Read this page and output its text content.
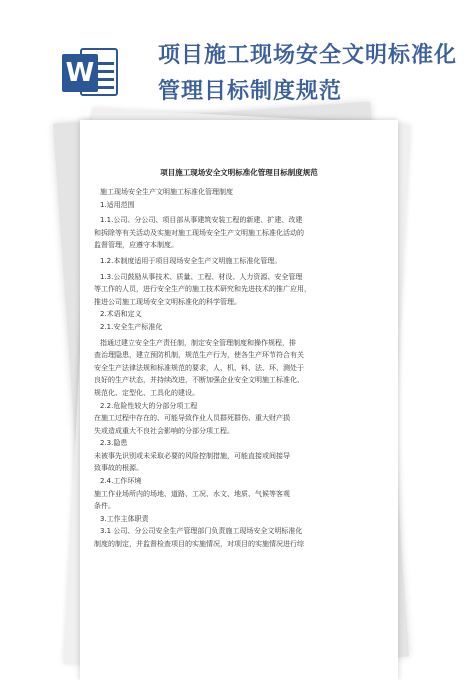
W
项目施工现场安全文明标准化
管理目标制度规范
项目施工现场安全文明标准化管理目标制度规范

施工现场安全生产文明施工标准化管理制度

1.适用范围

1.1.公司、分公司、项目部从事建筑安装工程的新建、扩建、改建

和拆除等有关活动及实施对施工现场安全生产文明施工标准化活动的

监督管理，应遵守本制度。

1.2.本制度适用于项目现场安全生产文明施工标准化管理。

1.3.公司鼓励从事技术、质量、工程、材设、人力资源、安全管理

等工作的人员，进行安全生产的施工技术研究和先进技术的推广应用，

推进公司施工现场安全文明标准化的科学管理。

2.术语和定义

2.1.安全生产标准化

指通过建立安全生产责任制，制定安全管理制度和操作规程，排

查治理隐患，建立预防机制，规范生产行为，使各生产环节符合有关

安全生产法律法规和标准规范的要求，人、机、料、法、环、测处于

良好的生产状态，并持续改进，不断加强企业安全文明施工标准化、

规范化、定型化、工具化的建设。

2.2.危险性较大的分部分项工程

在施工过程中存在的、可能导致作业人员群死群伤、重大财产损

失或造成重大不良社会影响的分部分项工程。

2.3.隐患

未被事先识别或未采取必要的风险控制措施，可能直接或间接导

致事故的根源。

2.4.工作环境

施工作业场所内的场地、道路、工况、水文、地质、气候等客观

条件。

3.工作主体职责

3.1 公司、分公司安全生产管理部门负责施工现场安全文明标准化

制度的制定，并监督检查项目的实施情况，对项目的实施情况进行综
